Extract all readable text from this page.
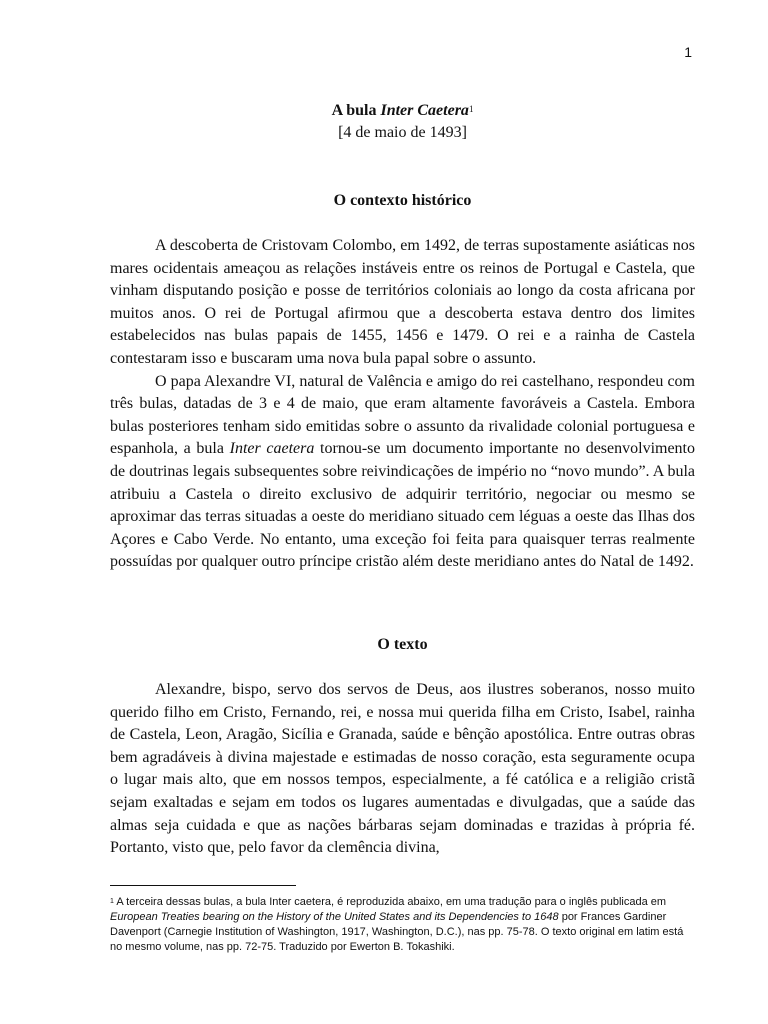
1
A bula Inter Caetera$^1$
[4 de maio de 1493]
O contexto histórico

A descoberta de Cristovam Colombo, em 1492, de terras supostamente asiáticas nos mares ocidentais ameaçou as relações instáveis entre os reinos de Portugal e Castela, que vinham disputando posição e posse de territórios coloniais ao longo da costa africana por muitos anos. O rei de Portugal afirmou que a descoberta estava dentro dos limites estabelecidos nas bulas papais de 1455, 1456 e 1479. O rei e a rainha de Castela contestaram isso e buscaram uma nova bula papal sobre o assunto.

O papa Alexandre VI, natural de Valência e amigo do rei castelhano, respondeu com três bulas, datadas de 3 e 4 de maio, que eram altamente favoráveis a Castela. Embora bulas posteriores tenham sido emitidas sobre o assunto da rivalidade colonial portuguesa e espanhola, a bula Inter caetera tornou-se um documento importante no desenvolvimento de doutrinas legais subsequentes sobre reivindicações de império no “novo mundo”. A bula atribuiu a Castela o direito exclusivo de adquirir território, negociar ou mesmo se aproximar das terras situadas a oeste do meridiano situado cem léguas a oeste das Ilhas dos Açores e Cabo Verde. No entanto, uma exceção foi feita para quaisquer terras realmente possuídas por qualquer outro príncipe cristão além deste meridiano antes do Natal de 1492.

O texto

Alexandre, bispo, servo dos servos de Deus, aos ilustres soberanos, nosso muito querido filho em Cristo, Fernando, rei, e nossa mui querida filha em Cristo, Isabel, rainha de Castela, Leon, Aragão, Sicília e Granada, saúde e bênção apostólica. Entre outras obras bem agradáveis à divina majestade e estimadas de nosso coração, esta seguramente ocupa o lugar mais alto, que em nossos tempos, especialmente, a fé católica e a religião cristã sejam exaltadas e sejam em todos os lugares aumentadas e divulgadas, que a saúde das almas seja cuidada e que as nações bárbaras sejam dominadas e trazidas à própria fé. Portanto, visto que, pelo favor da clemência divina,

$^1$ A terceira dessas bulas, a bula Inter caetera, é reproduzida abaixo, em uma tradução para o inglês publicada em European Treaties bearing on the History of the United States and its Dependencies to 1648 por Frances Gardiner Davenport (Carnegie Institution of Washington, 1917, Washington, D.C.), nas pp. 75-78. O texto original em latim está no mesmo volume, nas pp. 72-75. Traduzido por Ewerton B. Tokashiki.
